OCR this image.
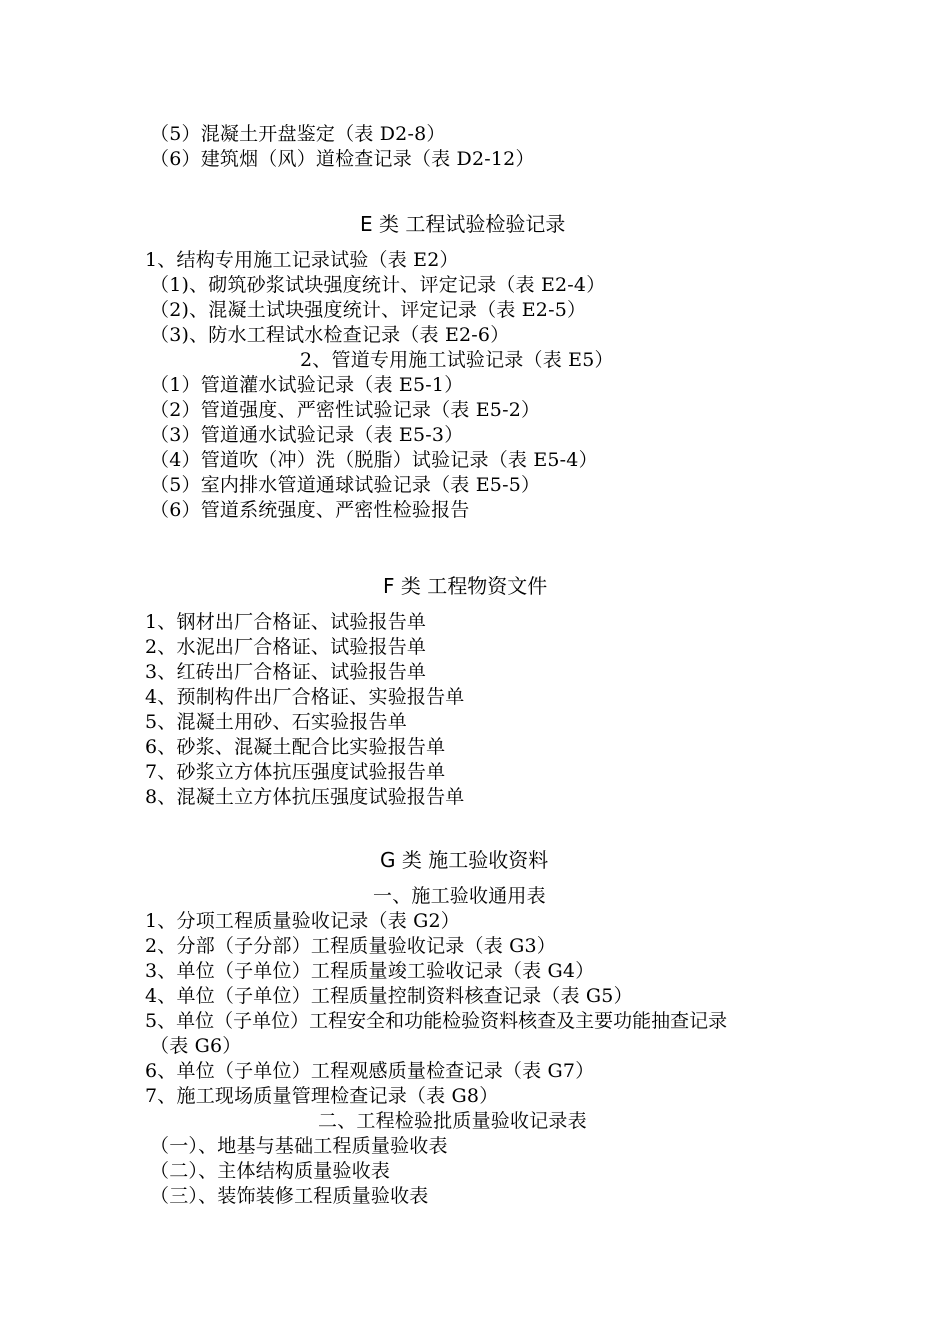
（5）混凝土开盘鉴定（表 D2-8）
（6）建筑烟（风）道检查记录（表 D2-12）
E 类 工程试验检验记录
1、结构专用施工记录试验（表 E2）
（1)、砌筑砂浆试块强度统计、评定记录（表 E2-4）
（2)、混凝土试块强度统计、评定记录（表 E2-5）
（3)、防水工程试水检查记录（表 E2-6）
2、管道专用施工试验记录（表 E5）
（1）管道灌水试验记录（表 E5-1）
（2）管道强度、严密性试验记录（表 E5-2）
（3）管道通水试验记录（表 E5-3）
（4）管道吹（冲）洗（脱脂）试验记录（表 E5-4）
（5）室内排水管道通球试验记录（表 E5-5）
（6）管道系统强度、严密性检验报告
F 类 工程物资文件
1、钢材出厂合格证、试验报告单
2、水泥出厂合格证、试验报告单
3、红砖出厂合格证、试验报告单
4、预制构件出厂合格证、实验报告单
5、混凝土用砂、石实验报告单
6、砂浆、混凝土配合比实验报告单
7、砂浆立方体抗压强度试验报告单
8、混凝土立方体抗压强度试验报告单
G 类 施工验收资料
一、施工验收通用表
1、分项工程质量验收记录（表 G2）
2、分部（子分部）工程质量验收记录（表 G3）
3、单位（子单位）工程质量竣工验收记录（表 G4）
4、单位（子单位）工程质量控制资料核查记录（表 G5）
5、单位（子单位）工程安全和功能检验资料核查及主要功能抽查记录
（表 G6）
6、单位（子单位）工程观感质量检查记录（表 G7）
7、施工现场质量管理检查记录（表 G8）
二、工程检验批质量验收记录表
（一）、地基与基础工程质量验收表
（二）、主体结构质量验收表
（三）、装饰装修工程质量验收表
